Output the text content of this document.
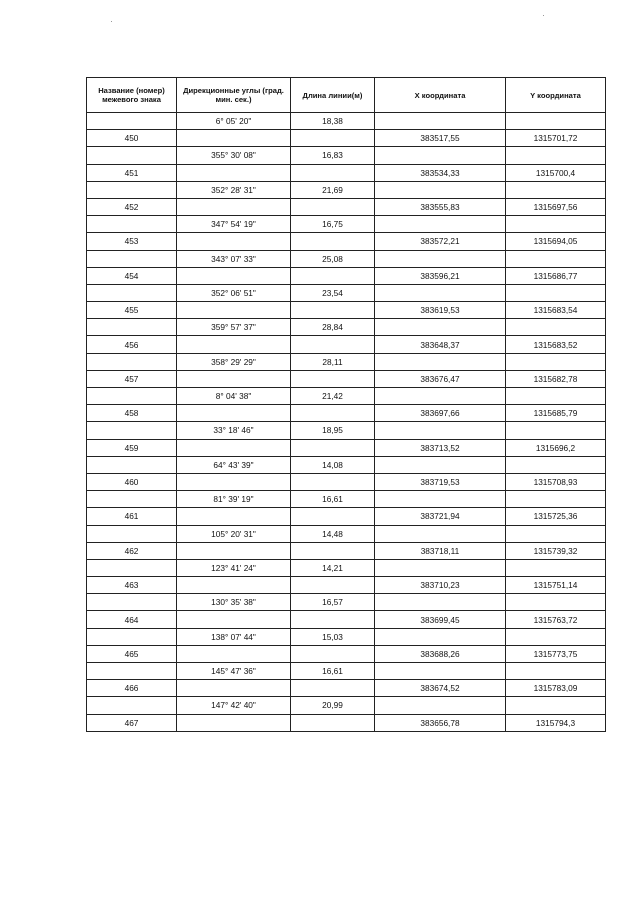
Название (номер) межевого знака	Дирекционные углы (град. мин. сек.)	Длина линии(м)	X координата	Y координата
	6° 05' 20"	18,38		
450			383517,55	1315701,72
	355° 30' 08"	16,83		
451			383534,33	1315700,4
	352° 28' 31"	21,69		
452			383555,83	1315697,56
	347° 54' 19"	16,75		
453			383572,21	1315694,05
	343° 07' 33"	25,08		
454			383596,21	1315686,77
	352° 06' 51"	23,54		
455			383619,53	1315683,54
	359° 57' 37"	28,84		
456			383648,37	1315683,52
	358° 29' 29"	28,11		
457			383676,47	1315682,78
	8° 04' 38"	21,42		
458			383697,66	1315685,79
	33° 18' 46"	18,95		
459			383713,52	1315696,2
	64° 43' 39"	14,08		
460			383719,53	1315708,93
	81° 39' 19"	16,61		
461			383721,94	1315725,36
	105° 20' 31"	14,48		
462			383718,11	1315739,32
	123° 41' 24"	14,21		
463			383710,23	1315751,14
	130° 35' 38"	16,57		
464			383699,45	1315763,72
	138° 07' 44"	15,03		
465			383688,26	1315773,75
	145° 47' 36"	16,61		
466			383674,52	1315783,09
	147° 42' 40"	20,99		
467			383656,78	1315794,3
